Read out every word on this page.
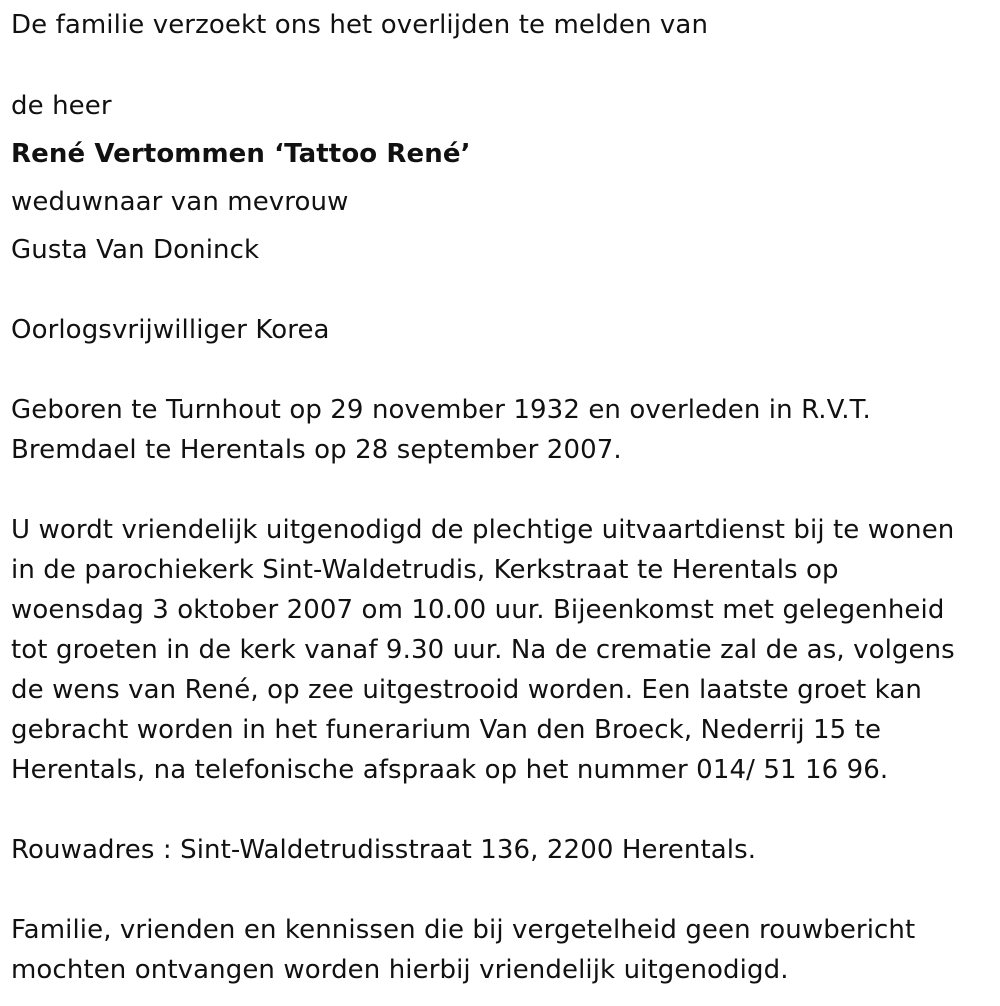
De familie verzoekt ons het overlijden te melden van
de heer
René Vertommen ‘Tattoo René’
weduwnaar van mevrouw
Gusta Van Doninck
Oorlogsvrijwilliger Korea
Geboren te Turnhout op 29 november 1932 en overleden in R.V.T.
Bremdael te Herentals op 28 september 2007.
U wordt vriendelijk uitgenodigd de plechtige uitvaartdienst bij te wonen
in de parochiekerk Sint-Waldetrudis, Kerkstraat te Herentals op
woensdag 3 oktober 2007 om 10.00 uur. Bijeenkomst met gelegenheid
tot groeten in de kerk vanaf 9.30 uur. Na de crematie zal de as, volgens
de wens van René, op zee uitgestrooid worden. Een laatste groet kan
gebracht worden in het funerarium Van den Broeck, Nederrij 15 te
Herentals, na telefonische afspraak op het nummer 014/ 51 16 96.
Rouwadres : Sint-Waldetrudisstraat 136, 2200 Herentals.
Familie, vrienden en kennissen die bij vergetelheid geen rouwbericht
mochten ontvangen worden hierbij vriendelijk uitgenodigd.
